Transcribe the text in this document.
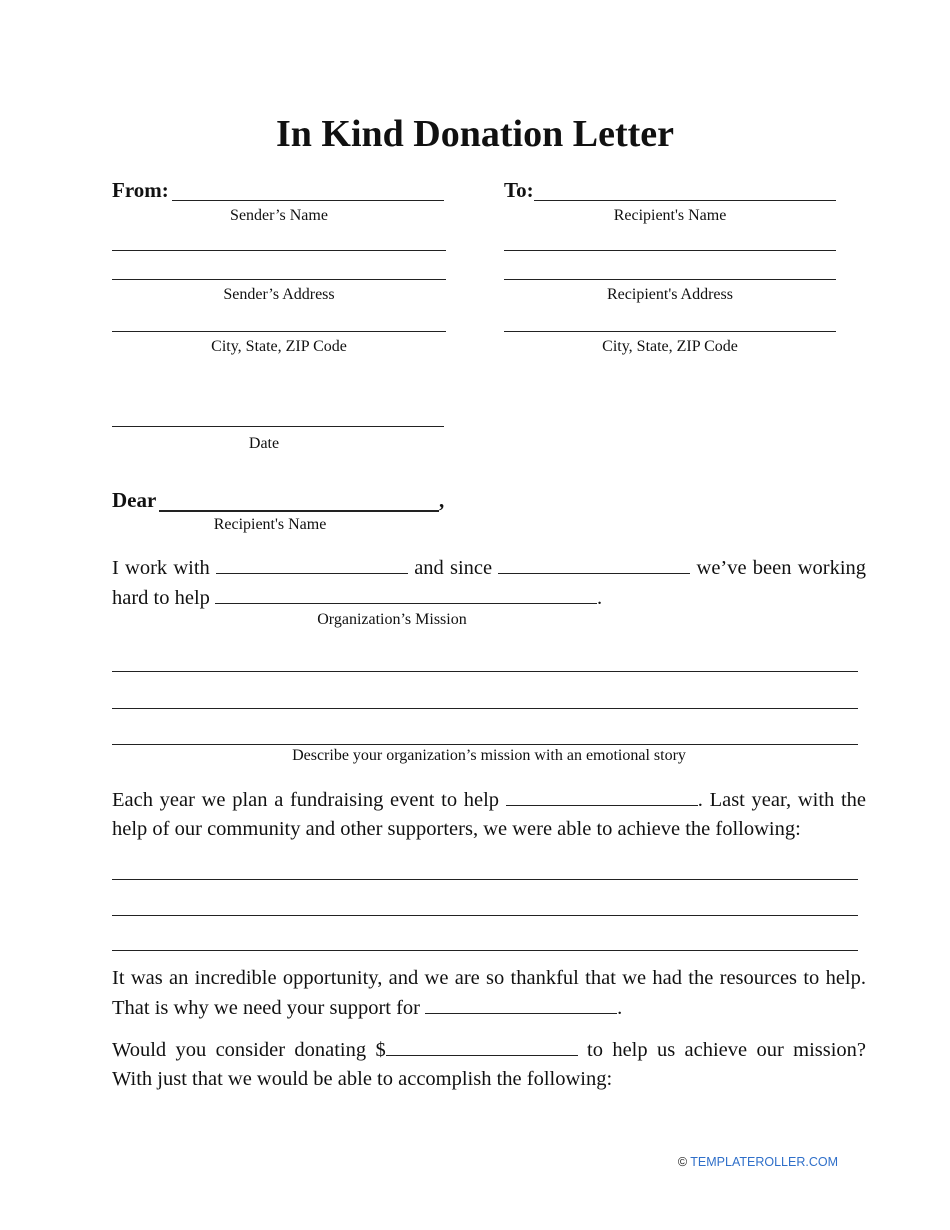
In Kind Donation Letter
From:
Sender’s Name
Sender’s Address
City, State, ZIP Code
To:
Recipient's Name
Recipient's Address
City, State, ZIP Code
Date
Dear	,
Recipient's Name
I work with	and since	we’ve been working hard to help	.
Organization’s Mission
Describe your organization’s mission with an emotional story
Each year we plan a fundraising event to help	. Last year, with the help of our community and other supporters, we were able to achieve the following:
It was an incredible opportunity, and we are so thankful that we had the resources to help. That is why we need your support for	.
Would you consider donating $	to help us achieve our mission? With just that we would be able to accomplish the following:
© TEMPLATEROLLER.COM
